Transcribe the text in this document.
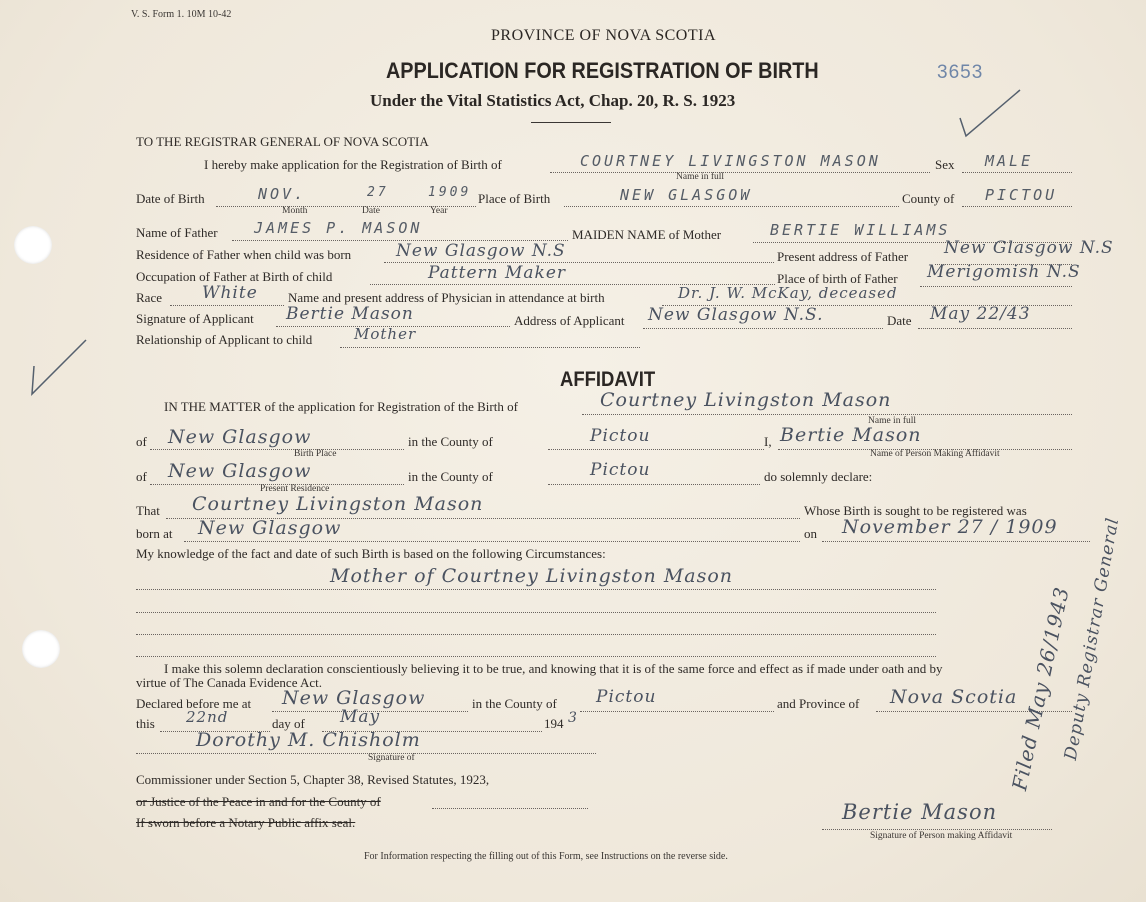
V. S. Form 1. 10M 10-42
PROVINCE OF NOVA SCOTIA
APPLICATION FOR REGISTRATION OF BIRTH
Under the Vital Statistics Act, Chap. 20, R. S. 1923
3653
TO THE REGISTRAR GENERAL OF NOVA SCOTIA
I hereby make application for the Registration of Birth of	COURTNEY LIVINGSTON MASON
Name in full
Sex MALE
Date of Birth	NOV.	27	1909
Month	Date	Year
Place of Birth	NEW GLASGOW	County of PICTOU
Name of Father JAMES P. MASON	MAIDEN NAME of Mother	BERTIE WILLIAMS
Residence of Father when child was born	New Glasgow N.S	Present address of Father New Glasgow N.S
Occupation of Father at Birth of child	Pattern Maker	Place of birth of Father Merigomish N.S
Race White Name and present address of Physician in attendance at birth	Dr. J. W. McKay, deceased
Signature of Applicant Bertie Mason	Address of Applicant New Glasgow N.S.	Date May 22/43
Relationship of Applicant to child	Mother
AFFIDAVIT
IN THE MATTER of the application for Registration of the Birth of	Courtney Livingston Mason
Name in full
of New Glasgow
Birth Place
in the County of	Pictou	I, Bertie Mason
Name of Person Making Affidavit
of New Glasgow
Present Residence
in the County of	Pictou	do solemnly declare:
That Courtney Livingston Mason	Whose Birth is sought to be registered was
born at New Glasgow	on November 27 / 1909
My knowledge of the fact and date of such Birth is based on the following Circumstances:
Mother of Courtney Livingston Mason
I make this solemn declaration conscientiously believing it to be true, and knowing that it is of the same force and effect as if made under oath and by
virtue of The Canada Evidence Act.
Declared before me at New Glasgow	in the County of Pictou	and Province of Nova Scotia
this 22nd	day of May	194 3
Dorothy M. Chisholm
Signature of
Commissioner under Section 5, Chapter 38, Revised Statutes, 1923,
or Justice of the Peace in and for the County of
If sworn before a Notary Public affix seal.	Bertie Mason
Signature of Person making Affidavit
Filed May 26/1943
Deputy Registrar General
For Information respecting the filling out of this Form, see Instructions on the reverse side.
